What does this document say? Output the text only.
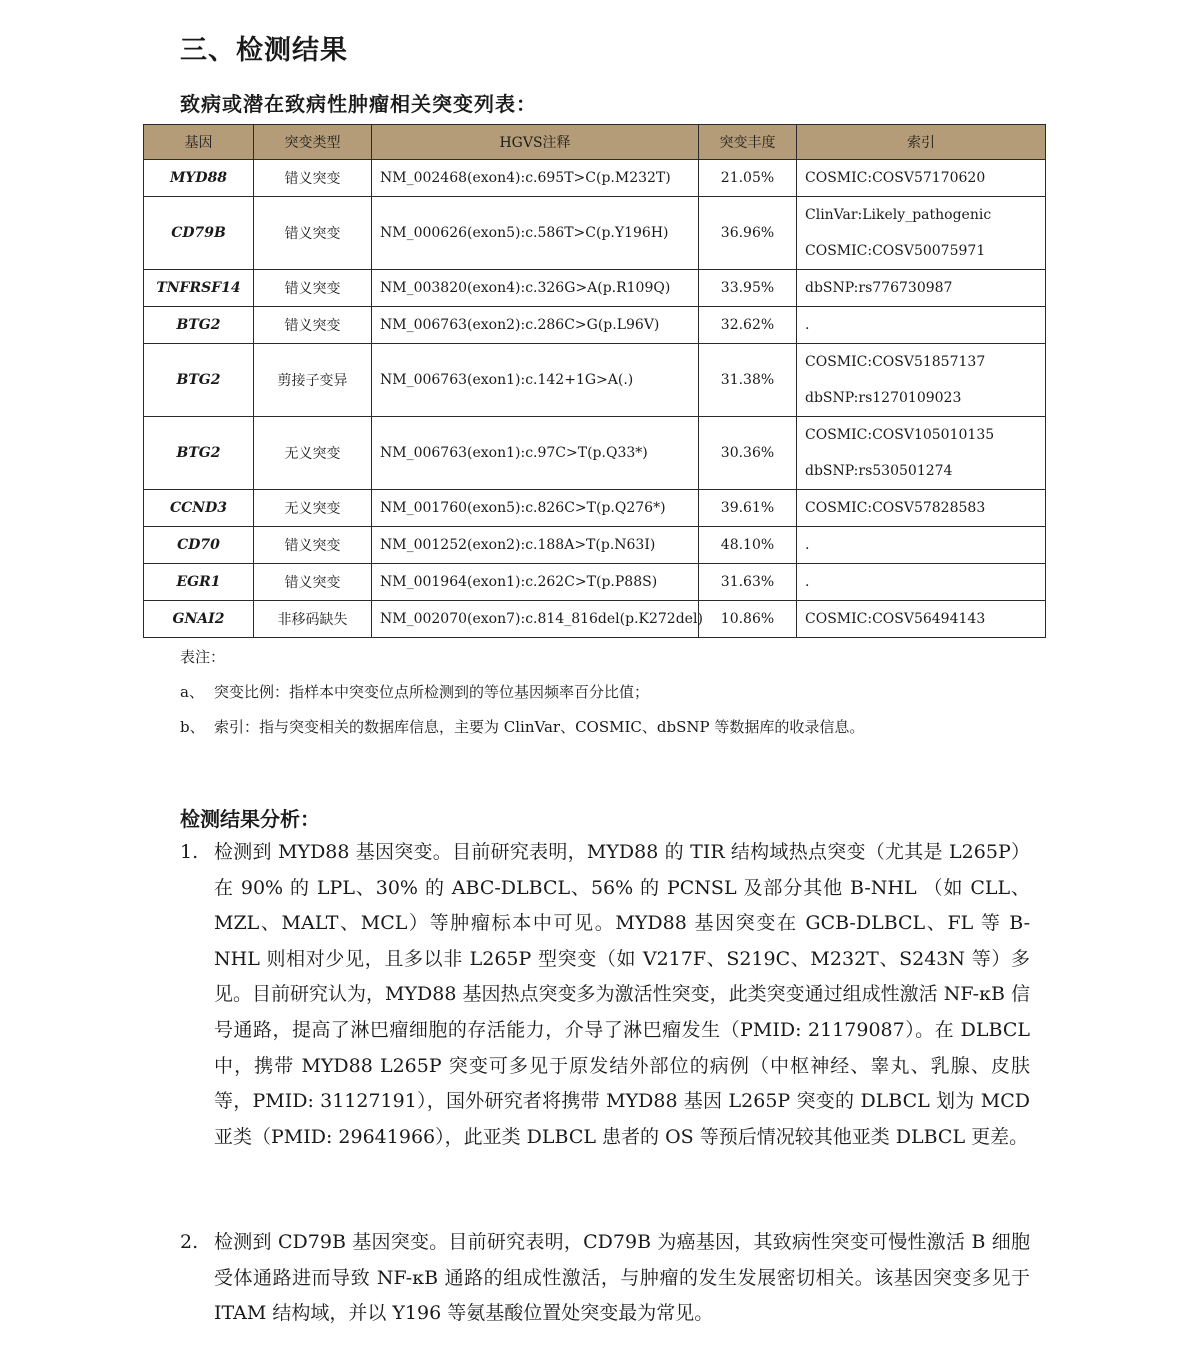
三、检测结果
致病或潜在致病性肿瘤相关突变列表：
基因	突变类型	HGVS注释	突变丰度	索引
MYD88	错义突变	NM_002468(exon4):c.695T>C(p.M232T)	21.05%	COSMIC:COSV57170620

CD79B	错义突变	NM_000626(exon5):c.586T>C(p.Y196H)	36.96%	ClinVar:Likely_pathogenic
COSMIC:COSV50075971

TNFRSF14	错义突变	NM_003820(exon4):c.326G>A(p.R109Q)	33.95%	dbSNP:rs776730987

BTG2	错义突变	NM_006763(exon2):c.286C>G(p.L96V)	32.62%	.

BTG2	剪接子变异	NM_006763(exon1):c.142+1G>A(.)	31.38%	COSMIC:COSV51857137
dbSNP:rs1270109023

BTG2	无义突变	NM_006763(exon1):c.97C>T(p.Q33*)	30.36%	COSMIC:COSV105010135
dbSNP:rs530501274

CCND3	无义突变	NM_001760(exon5):c.826C>T(p.Q276*)	39.61%	COSMIC:COSV57828583

CD70	错义突变	NM_001252(exon2):c.188A>T(p.N63I)	48.10%	.

EGR1	错义突变	NM_001964(exon1):c.262C>T(p.P88S)	31.63%	.

GNAI2	非移码缺失	NM_002070(exon7):c.814_816del(p.K272del)	10.86%	COSMIC:COSV56494143
表注：
a、 突变比例：指样本中突变位点所检测到的等位基因频率百分比值；
b、 索引：指与突变相关的数据库信息，主要为 ClinVar、COSMIC、dbSNP 等数据库的收录信息。
检测结果分析：
1. 检测到 MYD88 基因突变。目前研究表明，MYD88 的 TIR 结构域热点突变（尤其是 L265P）在 90% 的 LPL、30% 的 ABC-DLBCL、56% 的 PCNSL 及部分其他 B-NHL （如 CLL、MZL、MALT、MCL）等肿瘤标本中可见。MYD88 基因突变在 GCB-DLBCL、FL 等 B-NHL 则相对少见，且多以非 L265P 型突变（如 V217F、S219C、M232T、S243N 等）多见。目前研究认为，MYD88 基因热点突变多为激活性突变，此类突变通过组成性激活 NF-κB 信号通路，提高了淋巴瘤细胞的存活能力，介导了淋巴瘤发生（PMID: 21179087）。在 DLBCL 中，携带 MYD88 L265P 突变可多见于原发结外部位的病例（中枢神经、睾丸、乳腺、皮肤等，PMID: 31127191），国外研究者将携带 MYD88 基因 L265P 突变的 DLBCL 划为 MCD 亚类（PMID: 29641966），此亚类 DLBCL 患者的 OS 等预后情况较其他亚类 DLBCL 更差。
2. 检测到 CD79B 基因突变。目前研究表明，CD79B 为癌基因，其致病性突变可慢性激活 B 细胞受体通路进而导致 NF-κB 通路的组成性激活，与肿瘤的发生发展密切相关。该基因突变多见于 ITAM 结构域，并以 Y196 等氨基酸位置处突变最为常见。
